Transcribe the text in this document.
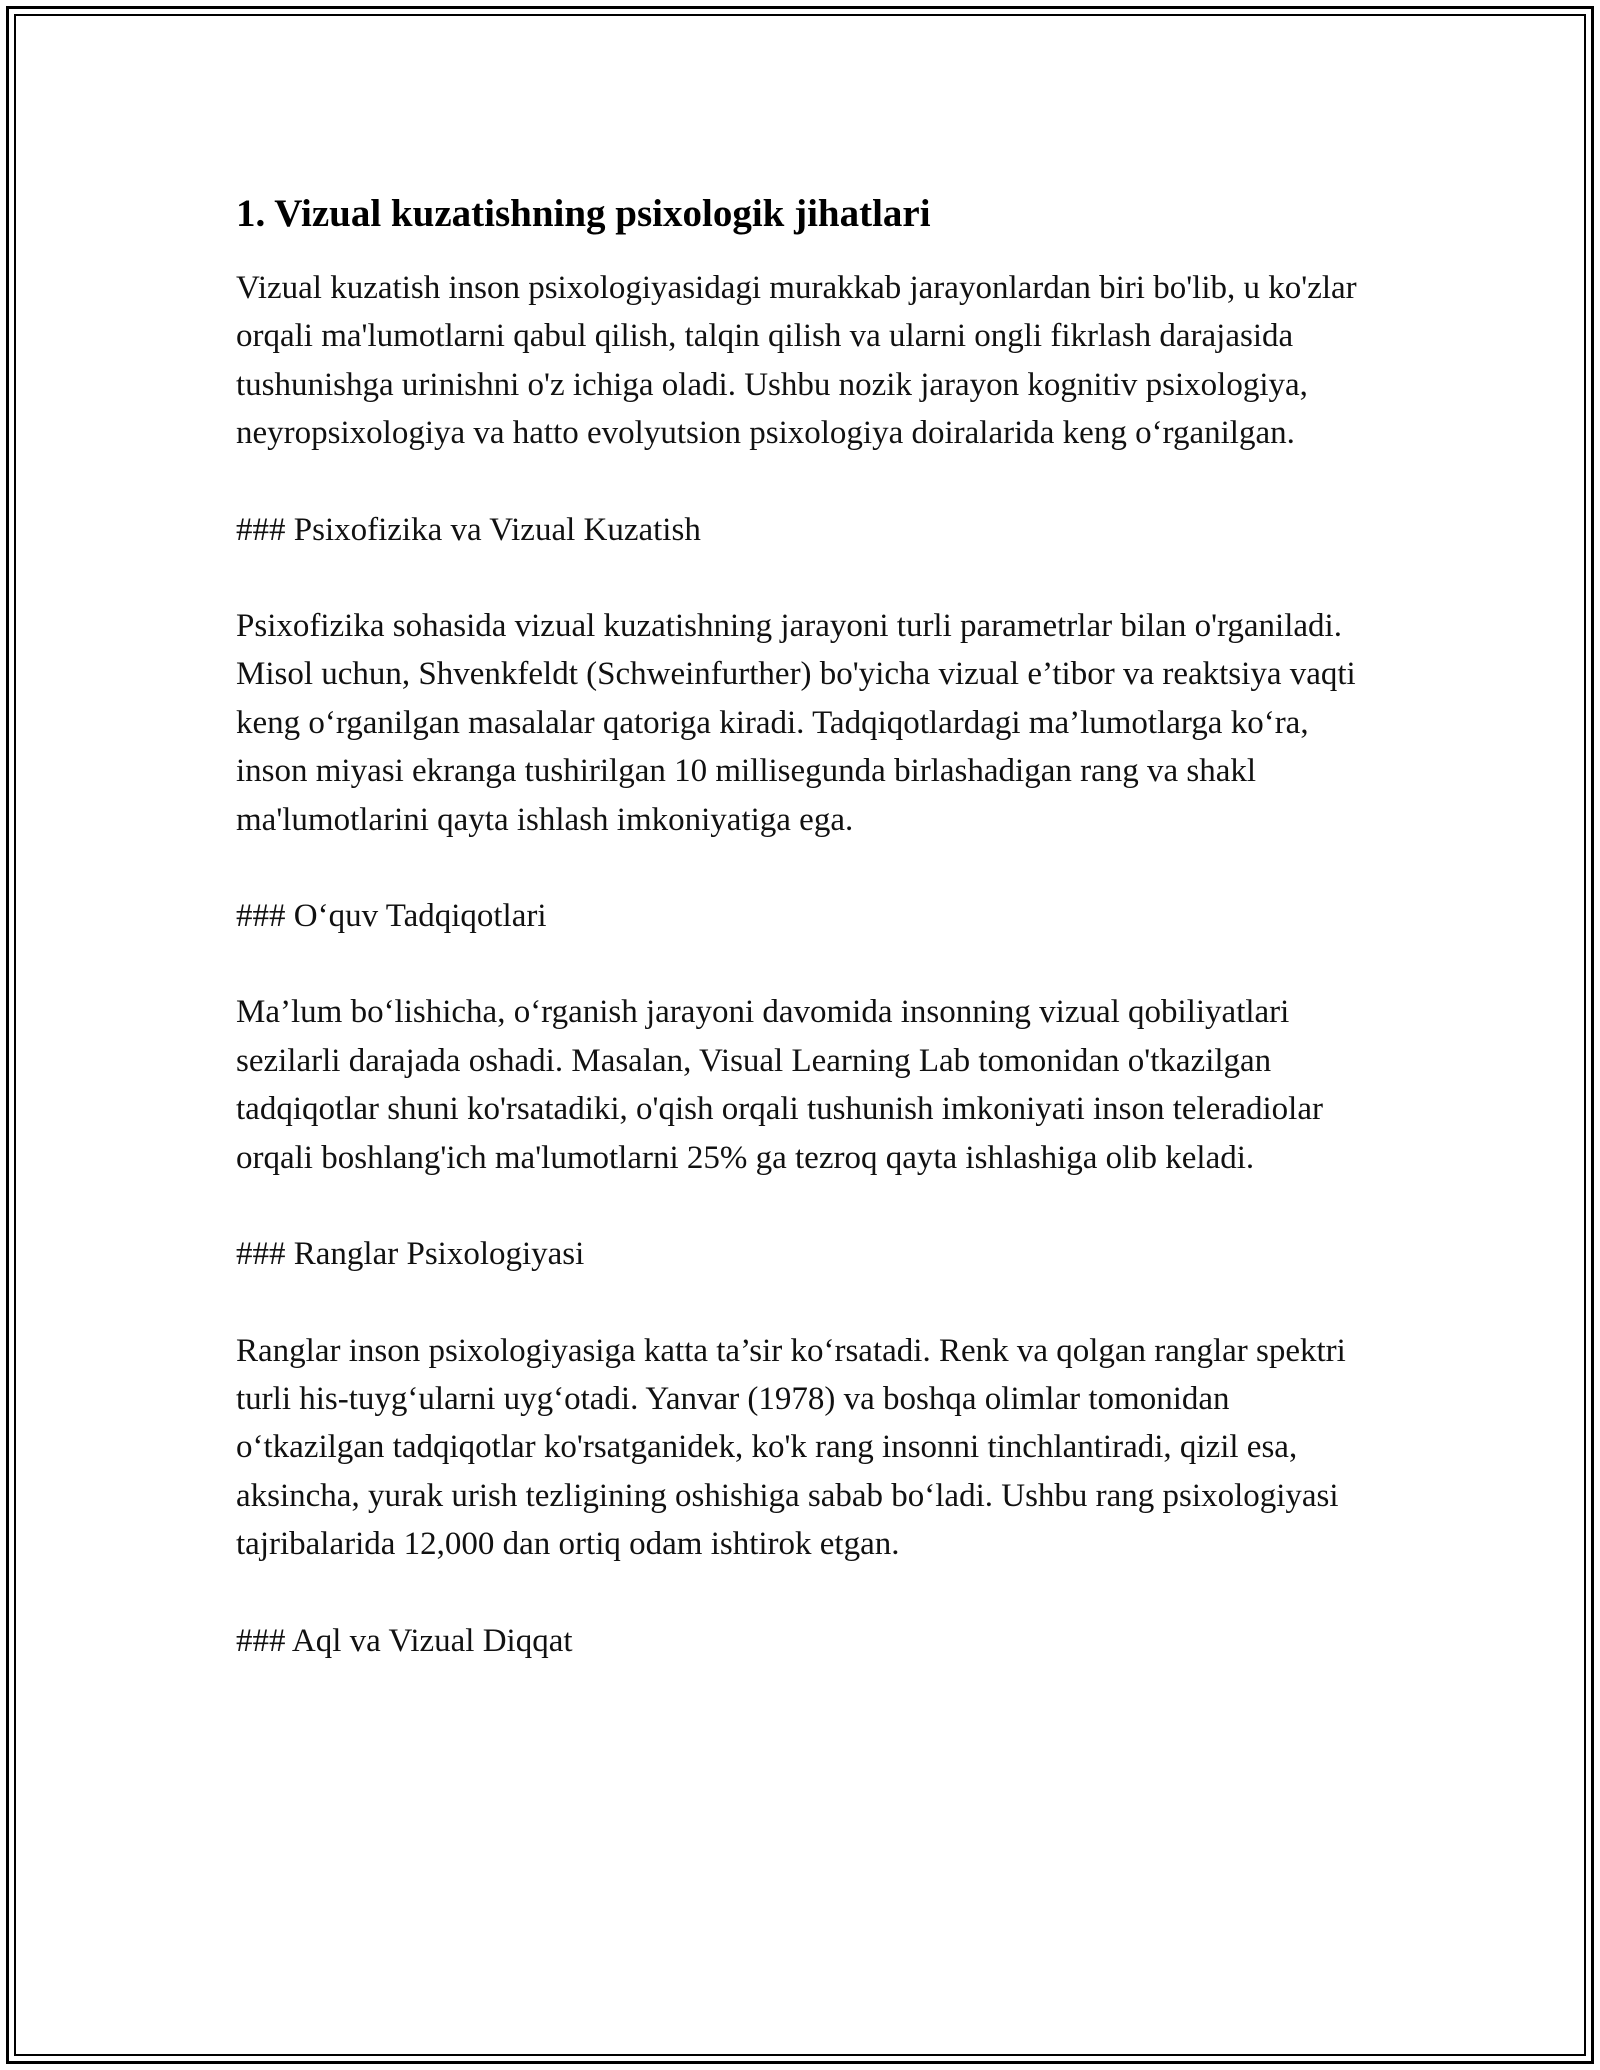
1. Vizual kuzatishning psixologik jihatlari

Vizual kuzatish inson psixologiyasidagi murakkab jarayonlardan biri bo'lib, u ko'zlar orqali ma'lumotlarni qabul qilish, talqin qilish va ularni ongli fikrlash darajasida tushunishga urinishni o'z ichiga oladi. Ushbu nozik jarayon kognitiv psixologiya, neyropsixologiya va hatto evolyutsion psixologiya doiralarida keng o‘rganilgan.

### Psixofizika va Vizual Kuzatish

Psixofizika sohasida vizual kuzatishning jarayoni turli parametrlar bilan o'rganiladi. Misol uchun, Shvenkfeldt (Schweinfurther) bo'yicha vizual e’tibor va reaktsiya vaqti keng o‘rganilgan masalalar qatoriga kiradi. Tadqiqotlardagi ma’lumotlarga ko‘ra, inson miyasi ekranga tushirilgan 10 millisegunda birlashadigan rang va shakl ma'lumotlarini qayta ishlash imkoniyatiga ega.

### O‘quv Tadqiqotlari

Ma’lum bo‘lishicha, o‘rganish jarayoni davomida insonning vizual qobiliyatlari sezilarli darajada oshadi. Masalan, Visual Learning Lab tomonidan o'tkazilgan tadqiqotlar shuni ko'rsatadiki, o'qish orqali tushunish imkoniyati inson teleradiolar orqali boshlang'ich ma'lumotlarni 25% ga tezroq qayta ishlashiga olib keladi.

### Ranglar Psixologiyasi

Ranglar inson psixologiyasiga katta ta’sir ko‘rsatadi. Renk va qolgan ranglar spektri turli his-tuyg‘ularni uyg‘otadi. Yanvar (1978) va boshqa olimlar tomonidan o‘tkazilgan tadqiqotlar ko'rsatganidek, ko'k rang insonni tinchlantiradi, qizil esa, aksincha, yurak urish tezligining oshishiga sabab bo‘ladi. Ushbu rang psixologiyasi tajribalarida 12,000 dan ortiq odam ishtirok etgan.

### Aql va Vizual Diqqat
